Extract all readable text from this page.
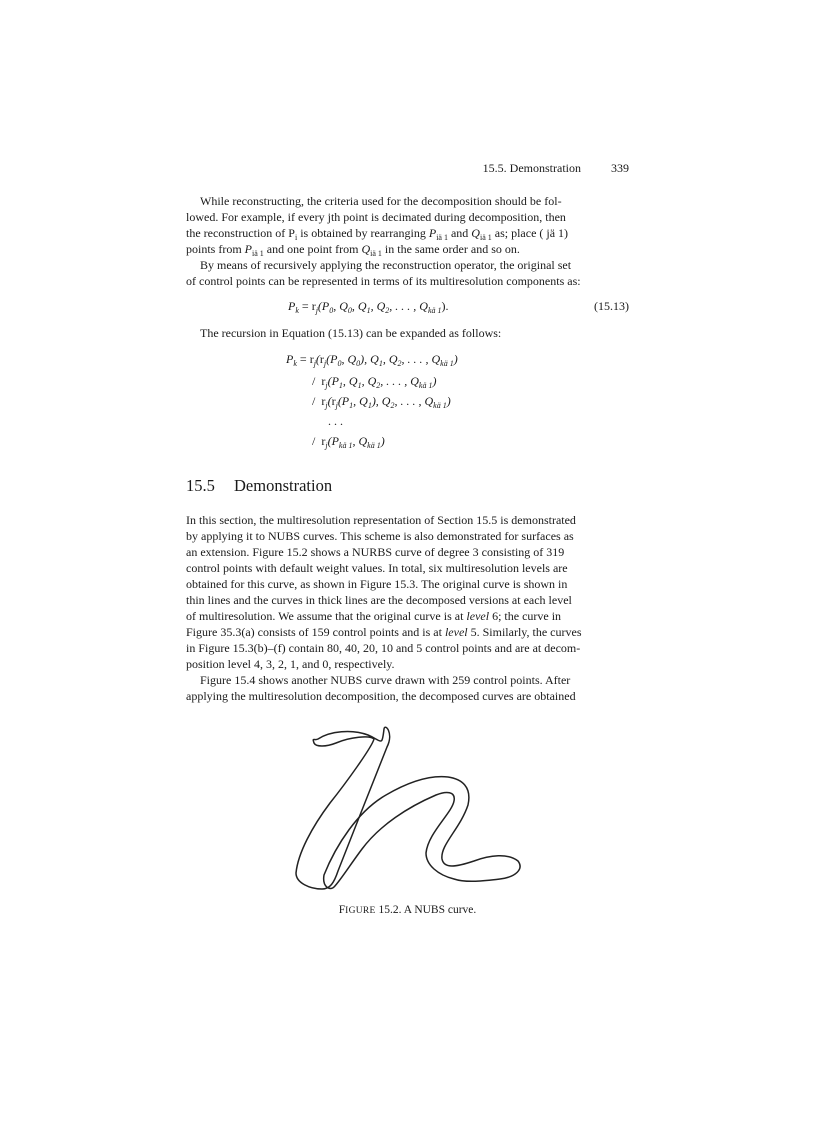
15.5. Demonstration	339
While reconstructing, the criteria used for the decomposition should be fol-
lowed. For example, if every jth point is decimated during decomposition, then
the reconstruction of $P_i$ is obtained by rearranging $P_{iä 1}$ and $Q_{iä 1}$ as; place ( jä 1)
points from $P_{iä 1}$ and one point from $Q_{iä 1}$ in the same order and so on.
By means of recursively applying the reconstruction operator, the original set
of control points can be represented in terms of its multiresolution components as:
$P_k = r_j(P_0$, $Q_0$, $Q_1$, $Q_2$, . . . , $Q_{kä 1}$).	(15.13)
The recursion in Equation (15.13) can be expanded as follows:
$P_k = r_j(r_j(P_0$, $Q_0$), $Q_1$, $Q_2$, . . . , $Q_{kä 1}$)
/ $r_j(P_1$, $Q_1$, $Q_2$, . . . , $Q_{kä 1}$)
/ $r_j(r_j(P_1$, $Q_1$), $Q_2$, . . . , $Q_{kä 1}$)
. . .
/ $r_j(P_{kä 1}$, $Q_{kä 1}$)
15.5 Demonstration
In this section, the multiresolution representation of Section 15.5 is demonstrated
by applying it to NUBS curves. This scheme is also demonstrated for surfaces as
an extension. Figure 15.2 shows a NURBS curve of degree 3 consisting of 319
control points with default weight values. In total, six multiresolution levels are
obtained for this curve, as shown in Figure 15.3. The original curve is shown in
thin lines and the curves in thick lines are the decomposed versions at each level
of multiresolution. We assume that the original curve is at level 6; the curve in
Figure 35.3(a) consists of 159 control points and is at level 5. Similarly, the curves
in Figure 15.3(b)–(f) contain 80, 40, 20, 10 and 5 control points and are at decom-
position level 4, 3, 2, 1, and 0, respectively.
Figure 15.4 shows another NUBS curve drawn with 259 control points. After
applying the multiresolution decomposition, the decomposed curves are obtained
FIGURE 15.2. A NUBS curve.
